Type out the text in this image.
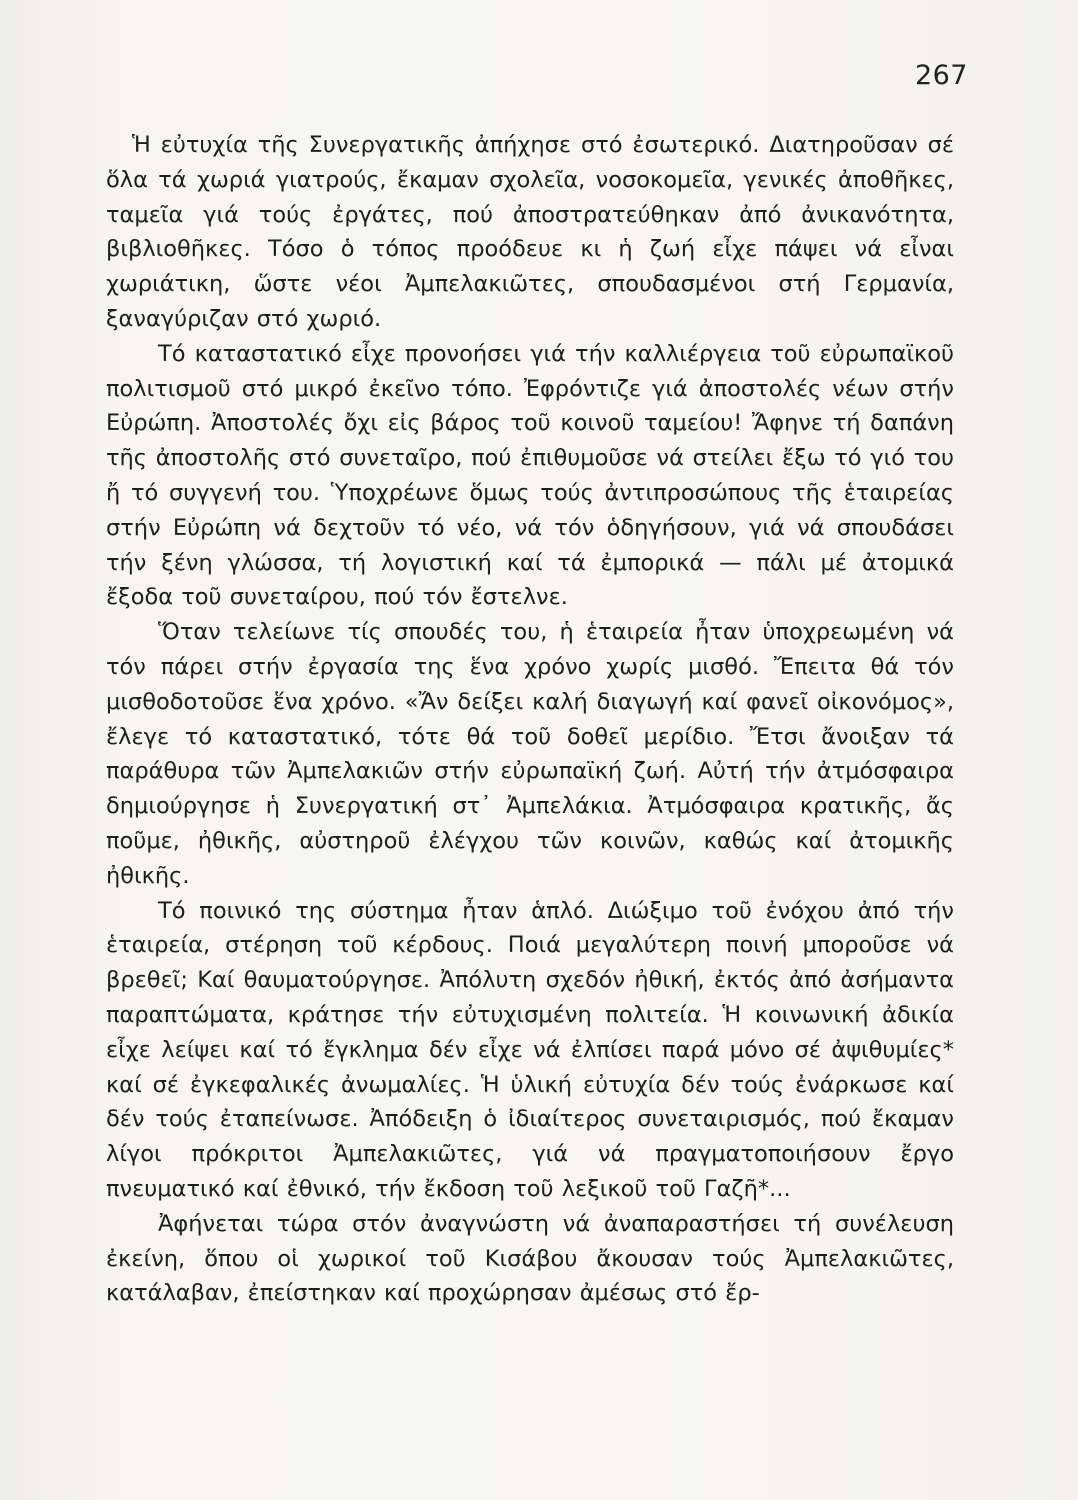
267

Ἡ εὐτυχία τῆς Συνεργατικῆς ἀπήχησε στό ἐσωτερικό. Διατηροῦσαν σέ ὅλα τά χωριά γιατρούς, ἔκαμαν σχολεῖα, νοσοκομεῖα, γενικές ἀποθῆκες, ταμεῖα γιά τούς ἐργάτες, πού ἀποστρατεύθηκαν ἀπό ἀνικανότητα, βιβλιοθῆκες. Τόσο ὁ τόπος προόδευε κι ἡ ζωή εἶχε πάψει νά εἶναι χωριάτικη, ὥστε νέοι Ἀμπελακιῶτες, σπουδασμένοι στή Γερμανία, ξαναγύριζαν στό χωριό.

Τό καταστατικό εἶχε προνοήσει γιά τήν καλλιέργεια τοῦ εὐρωπαϊκοῦ πολιτισμοῦ στό μικρό ἐκεῖνο τόπο. Ἐφρόντιζε γιά ἀποστολές νέων στήν Εὐρώπη. Ἀποστολές ὄχι εἰς βάρος τοῦ κοινοῦ ταμείου! Ἄφηνε τή δαπάνη τῆς ἀποστολῆς στό συνεταῖρο, πού ἐπιθυμοῦσε νά στείλει ἔξω τό γιό του ἤ τό συγγενή του. Ὑποχρέωνε ὅμως τούς ἀντιπροσώπους τῆς ἑταιρείας στήν Εὐρώπη νά δεχτοῦν τό νέο, νά τόν ὁδηγήσουν, γιά νά σπουδάσει τήν ξένη γλώσσα, τή λογιστική καί τά ἐμπορικά — πάλι μέ ἀτομικά ἔξοδα τοῦ συνεταίρου, πού τόν ἔστελνε.

Ὅταν τελείωνε τίς σπουδές του, ἡ ἑταιρεία ἦταν ὑποχρεωμένη νά τόν πάρει στήν ἐργασία της ἕνα χρόνο χωρίς μισθό. Ἔπειτα θά τόν μισθοδοτοῦσε ἕνα χρόνο. «Ἄν δείξει καλή διαγωγή καί φανεῖ οἰκονόμος», ἔλεγε τό καταστατικό, τότε θά τοῦ δοθεῖ μερίδιο. Ἔτσι ἄνοιξαν τά παράθυρα τῶν Ἀμπελακιῶν στήν εὐρωπαϊκή ζωή. Αὐτή τήν ἀτμόσφαιρα δημιούργησε ἡ Συνεργατική στ᾽ Ἀμπελάκια. Ἀτμόσφαιρα κρατικῆς, ἄς ποῦμε, ἠθικῆς, αὐστηροῦ ἐλέγχου τῶν κοινῶν, καθώς καί ἀτομικῆς ἠθικῆς.

Τό ποινικό της σύστημα ἦταν ἁπλό. Διώξιμο τοῦ ἐνόχου ἀπό τήν ἑταιρεία, στέρηση τοῦ κέρδους. Ποιά μεγαλύτερη ποινή μποροῦσε νά βρεθεῖ; Καί θαυματούργησε. Ἀπόλυτη σχεδόν ἠθική, ἐκτός ἀπό ἀσήμαντα παραπτώματα, κράτησε τήν εὐτυχισμένη πολιτεία. Ἡ κοινωνική ἀδικία εἶχε λείψει καί τό ἔγκλημα δέν εἶχε νά ἐλπίσει παρά μόνο σέ ἀψιθυμίες* καί σέ ἐγκεφαλικές ἀνωμαλίες. Ἡ ὑλική εὐτυχία δέν τούς ἐνάρκωσε καί δέν τούς ἐταπείνωσε. Ἀπόδειξη ὁ ἰδιαίτερος συνεταιρισμός, πού ἔκαμαν λίγοι πρόκριτοι Ἀμπελακιῶτες, γιά νά πραγματοποιήσουν ἔργο πνευματικό καί ἐθνικό, τήν ἔκδοση τοῦ λεξικοῦ τοῦ Γαζῆ*...

Ἀφήνεται τώρα στόν ἀναγνώστη νά ἀναπαραστήσει τή συνέλευση ἐκείνη, ὅπου οἱ χωρικοί τοῦ Κισάβου ἄκουσαν τούς Ἀμπελακιῶτες, κατάλαβαν, ἐπείστηκαν καί προχώρησαν ἀμέσως στό ἔρ-
